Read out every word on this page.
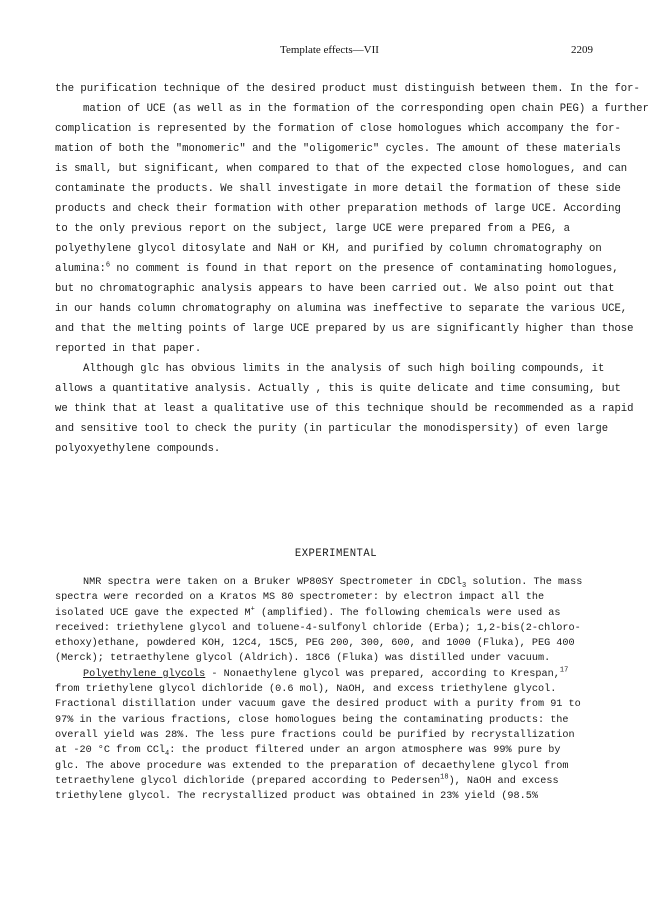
Template effects—VII	2209
the purification technique of the desired product must distinguish between them. In the for-
mation of UCE (as well as in the formation of the corresponding open chain PEG) a further
complication is represented by the formation of close homologues which accompany the for-
mation of both the "monomeric" and the "oligomeric" cycles. The amount of these materials
is small, but significant, when compared to that of the expected close homologues, and can
contaminate the products. We shall investigate in more detail the formation of these side
products and check their formation with other preparation methods of large UCE. According
to the only previous report on the subject, large UCE were prepared from a PEG, a
polyethylene glycol ditosylate and NaH or KH, and purified by column chromatography on
alumina:$^6$ no comment is found in that report on the presence of contaminating homologues,
but no chromatographic analysis appears to have been carried out. We also point out that
in our hands column chromatography on alumina was ineffective to separate the various UCE,
and that the melting points of large UCE prepared by us are significantly higher than those
reported in that paper.
Although glc has obvious limits in the analysis of such high boiling compounds, it
allows a quantitative analysis. Actually , this is quite delicate and time consuming, but
we think that at least a qualitative use of this technique should be recommended as a rapid
and sensitive tool to check the purity (in particular the monodispersity) of even large
polyoxyethylene compounds.
EXPERIMENTAL
NMR spectra were taken on a Bruker WP80SY Spectrometer in CDCl$_3$ solution. The mass
spectra were recorded on a Kratos MS 80 spectrometer: by electron impact all the
isolated UCE gave the expected M+ (amplified). The following chemicals were used as
received: triethylene glycol and toluene-4-sulfonyl chloride (Erba); 1,2-bis(2-chloro-
ethoxy)ethane, powdered KOH, 12C4, 15C5, PEG 200, 300, 600, and 1000 (Fluka), PEG 400
(Merck); tetraethylene glycol (Aldrich). 18C6 (Fluka) was distilled under vacuum.
Polyethylene glycols - Nonaethylene glycol was prepared, according to Krespan,$^{17}$
from triethylene glycol dichloride (0.6 mol), NaOH, and excess triethylene glycol.
Fractional distillation under vacuum gave the desired product with a purity from 91 to
97% in the various fractions, close homologues being the contaminating products: the
overall yield was 28%. The less pure fractions could be purified by recrystallization
at -20 °C from CCl$_4$: the product filtered under an argon atmosphere was 99% pure by
glc. The above procedure was extended to the preparation of decaethylene glycol from
tetraethylene glycol dichloride (prepared according to Pedersen$^{18}$), NaOH and excess
triethylene glycol. The recrystallized product was obtained in 23% yield (98.5%
